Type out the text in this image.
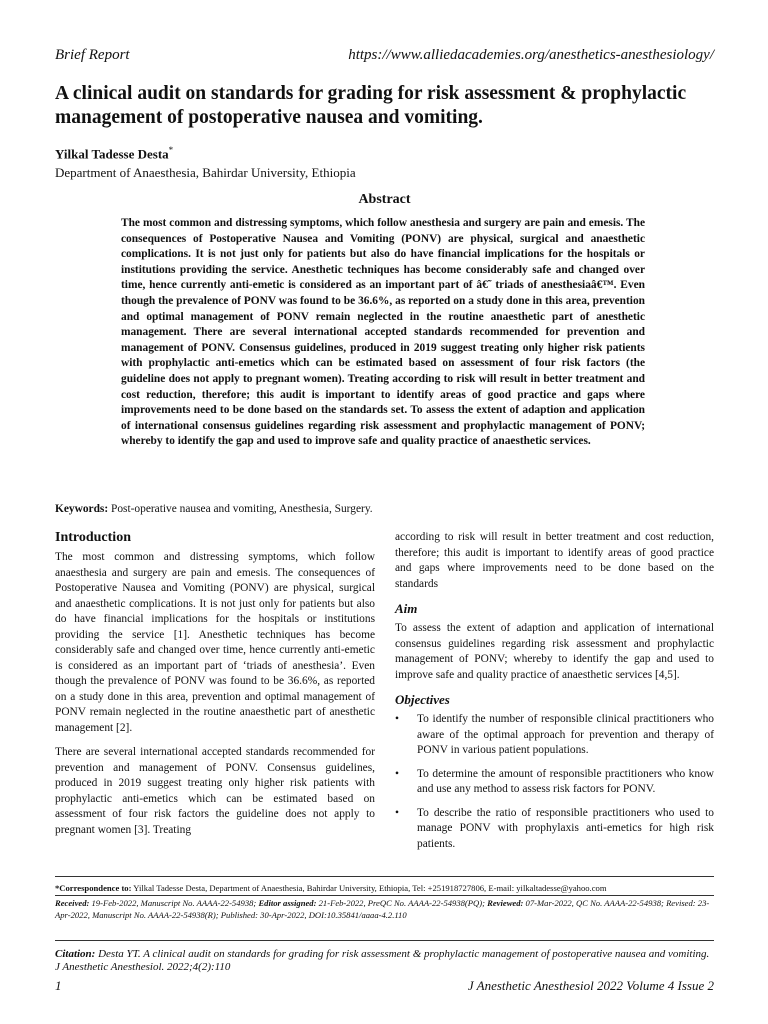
Brief Report	https://www.alliedacademies.org/anesthetics-anesthesiology/
A clinical audit on standards for grading for risk assessment & prophylactic management of postoperative nausea and vomiting.
Yilkal Tadesse Desta*
Department of Anaesthesia, Bahirdar University, Ethiopia
Abstract
The most common and distressing symptoms, which follow anesthesia and surgery are pain and emesis. The consequences of Postoperative Nausea and Vomiting (PONV) are physical, surgical and anaesthetic complications. It is not just only for patients but also do have financial implications for the hospitals or institutions providing the service. Anesthetic techniques has become considerably safe and changed over time, hence currently anti-emetic is considered as an important part of â€˜ triads of anesthesiaâ€™. Even though the prevalence of PONV was found to be 36.6%, as reported on a study done in this area, prevention and optimal management of PONV remain neglected in the routine anaesthetic part of anesthetic management. There are several international accepted standards recommended for prevention and management of PONV. Consensus guidelines, produced in 2019 suggest treating only higher risk patients with prophylactic anti-emetics which can be estimated based on assessment of four risk factors (the guideline does not apply to pregnant women). Treating according to risk will result in better treatment and cost reduction, therefore; this audit is important to identify areas of good practice and gaps where improvements need to be done based on the standards set. To assess the extent of adaption and application of international consensus guidelines regarding risk assessment and prophylactic management of PONV; whereby to identify the gap and used to improve safe and quality practice of anaesthetic services.
Keywords: Post-operative nausea and vomiting, Anesthesia, Surgery.
Introduction

The most common and distressing symptoms, which follow anaesthesia and surgery are pain and emesis. The consequences of Postoperative Nausea and Vomiting (PONV) are physical, surgical and anaesthetic complications. It is not just only for patients but also do have financial implications for the hospitals or institutions providing the service [1]. Anesthetic techniques has become considerably safe and changed over time, hence currently anti-emetic is considered as an important part of ‘triads of anesthesia’. Even though the prevalence of PONV was found to be 36.6%, as reported on a study done in this area, prevention and optimal management of PONV remain neglected in the routine anaesthetic part of anesthetic management [2].

There are several international accepted standards recommended for prevention and management of PONV. Consensus guidelines, produced in 2019 suggest treating only higher risk patients with prophylactic anti-emetics which can be estimated based on assessment of four risk factors the guideline does not apply to pregnant women [3]. Treating

according to risk will result in better treatment and cost reduction, therefore; this audit is important to identify areas of good practice and gaps where improvements need to be done based on the standards

Aim

To assess the extent of adaption and application of international consensus guidelines regarding risk assessment and prophylactic management of PONV; whereby to identify the gap and used to improve safe and quality practice of anaesthetic services [4,5].

Objectives
• To identify the number of responsible clinical practitioners who aware of the optimal approach for prevention and therapy of PONV in various patient populations.
• To determine the amount of responsible practitioners who know and use any method to assess risk factors for PONV.
• To describe the ratio of responsible practitioners who used to manage PONV with prophylaxis anti-emetics for high risk patients.
*Correspondence to: Yilkal Tadesse Desta, Department of Anaesthesia, Bahirdar University, Ethiopia, Tel: +251918727806, E-mail: yilkaltadesse@yahoo.com
Received: 19-Feb-2022, Manuscript No. AAAA-22-54938; Editor assigned: 21-Feb-2022, PreQC No. AAAA-22-54938(PQ); Reviewed: 07-Mar-2022, QC No. AAAA-22-54938; Revised: 23-Apr-2022, Manuscript No. AAAA-22-54938(R); Published: 30-Apr-2022, DOI:10.35841/aaaa-4.2.110
Citation: Desta YT. A clinical audit on standards for grading for risk assessment & prophylactic management of postoperative nausea and vomiting. J Anesthetic Anesthesiol. 2022;4(2):110
1	J Anesthetic Anesthesiol 2022 Volume 4 Issue 2
